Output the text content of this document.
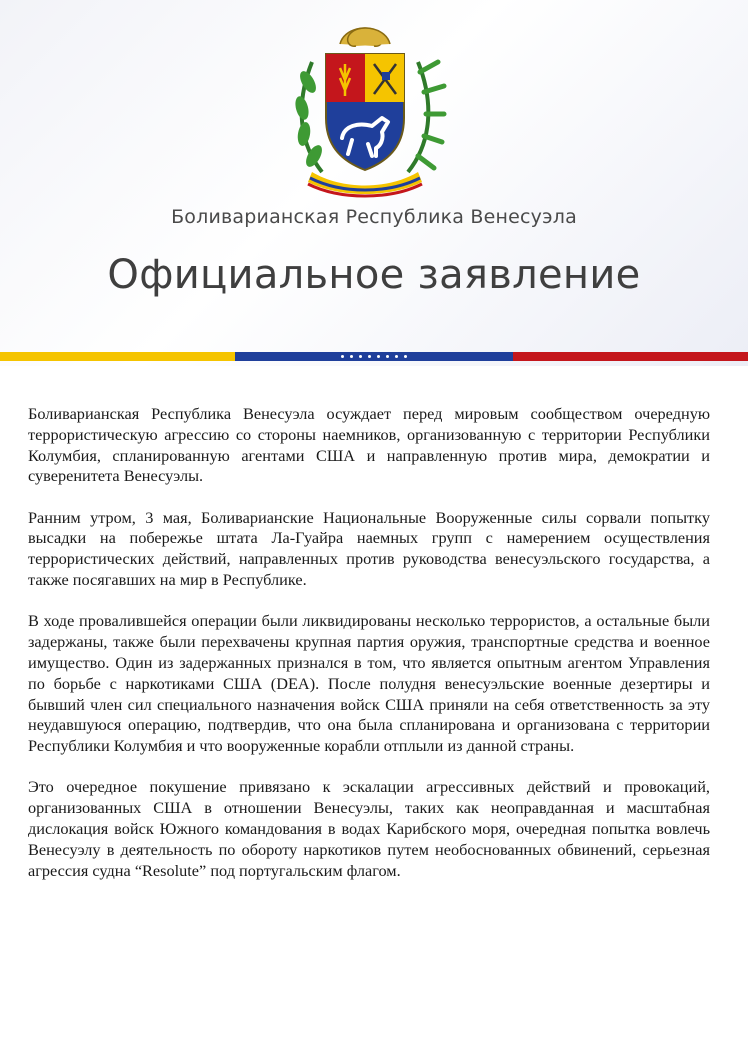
Боливарианская Республика Венесуэла
Официальное заявление

Боливарианская Республика Венесуэла осуждает перед мировым сообществом очередную террористическую агрессию со стороны наемников, организованную с территории Республики Колумбия, спланированную агентами США и направленную против мира, демократии и суверенитета Венесуэлы.

Ранним утром, 3 мая, Боливарианские Национальные Вооруженные силы сорвали попытку высадки на побережье штата Ла-Гуайра наемных групп с намерением осуществления террористических действий, направленных против руководства венесуэльского государства, а также посягавших на мир в Республике.

В ходе провалившейся операции были ликвидированы несколько террористов, а остальные были задержаны, также были перехвачены крупная партия оружия, транспортные средства и военное имущество. Один из задержанных признался в том, что является опытным агентом Управления по борьбе с наркотиками США (DEA). После полудня венесуэльские военные дезертиры и бывший член сил специального назначения войск США приняли на себя ответственность за эту неудавшуюся операцию, подтвердив, что она была спланирована и организована с территории Республики Колумбия и что вооруженные корабли отплыли из данной страны.

Это очередное покушение привязано к эскалации агрессивных действий и провокаций, организованных США в отношении Венесуэлы, таких как неоправданная и масштабная дислокация войск Южного командования в водах Карибского моря, очередная попытка вовлечь Венесуэлу в деятельность по обороту наркотиков путем необоснованных обвинений, серьезная агрессия судна “Resolute” под португальским флагом.
